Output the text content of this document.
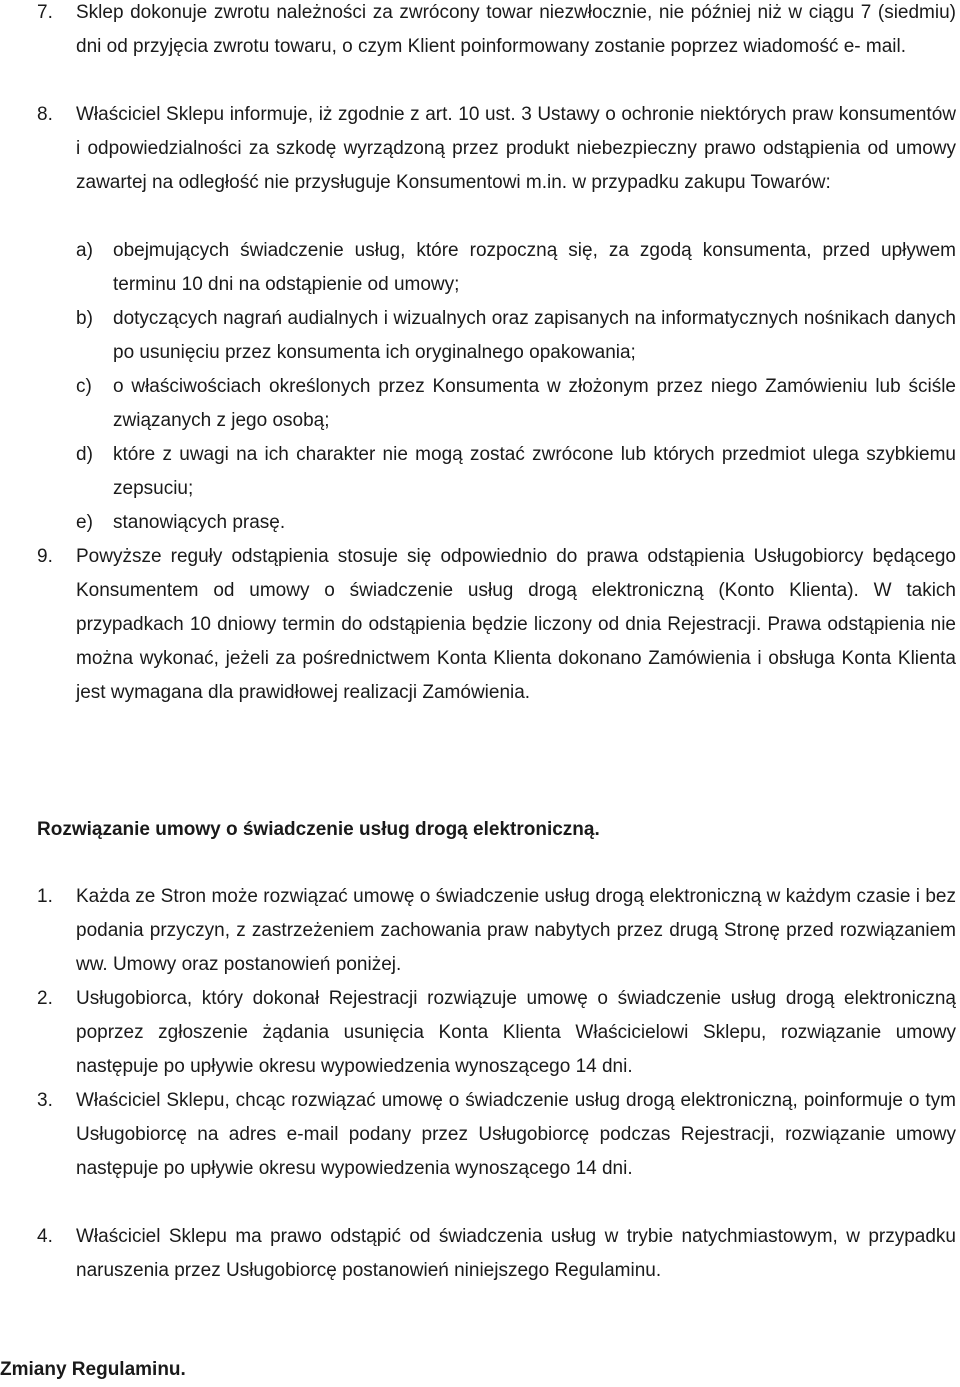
7. Sklep dokonuje zwrotu należności za zwrócony towar niezwłocznie, nie później niż w ciągu 7 (siedmiu) dni od przyjęcia zwrotu towaru, o czym Klient poinformowany zostanie poprzez wiadomość e- mail.
8. Właściciel Sklepu informuje, iż zgodnie z art. 10 ust. 3 Ustawy o ochronie niektórych praw konsumentów i odpowiedzialności za szkodę wyrządzoną przez produkt niebezpieczny prawo odstąpienia od umowy zawartej na odległość nie przysługuje Konsumentowi m.in. w przypadku zakupu Towarów:
a) obejmujących świadczenie usług, które rozpoczną się, za zgodą konsumenta, przed upływem terminu 10 dni na odstąpienie od umowy;
b) dotyczących nagrań audialnych i wizualnych oraz zapisanych na informatycznych nośnikach danych po usunięciu przez konsumenta ich oryginalnego opakowania;
c) o właściwościach określonych przez Konsumenta w złożonym przez niego Zamówieniu lub ściśle związanych z jego osobą;
d) które z uwagi na ich charakter nie mogą zostać zwrócone lub których przedmiot ulega szybkiemu zepsuciu;
e) stanowiących prasę.
9. Powyższe reguły odstąpienia stosuje się odpowiednio do prawa odstąpienia Usługobiorcy będącego Konsumentem od umowy o świadczenie usług drogą elektroniczną (Konto Klienta). W takich przypadkach 10 dniowy termin do odstąpienia będzie liczony od dnia Rejestracji. Prawa odstąpienia nie można wykonać, jeżeli za pośrednictwem Konta Klienta dokonano Zamówienia i obsługa Konta Klienta jest wymagana dla prawidłowej realizacji Zamówienia.
Rozwiązanie umowy o świadczenie usług drogą elektroniczną.
1. Każda ze Stron może rozwiązać umowę o świadczenie usług drogą elektroniczną w każdym czasie i bez podania przyczyn, z zastrzeżeniem zachowania praw nabytych przez drugą Stronę przed rozwiązaniem ww. Umowy oraz postanowień poniżej.
2. Usługobiorca, który dokonał Rejestracji rozwiązuje umowę o świadczenie usług drogą elektroniczną poprzez zgłoszenie żądania usunięcia Konta Klienta Właścicielowi Sklepu, rozwiązanie umowy następuje po upływie okresu wypowiedzenia wynoszącego 14 dni.
3. Właściciel Sklepu, chcąc rozwiązać umowę o świadczenie usług drogą elektroniczną, poinformuje o tym Usługobiorcę na adres e-mail podany przez Usługobiorcę podczas Rejestracji, rozwiązanie umowy następuje po upływie okresu wypowiedzenia wynoszącego 14 dni.
4. Właściciel Sklepu ma prawo odstąpić od świadczenia usług w trybie natychmiastowym, w przypadku naruszenia przez Usługobiorcę postanowień niniejszego Regulaminu.
Zmiany Regulaminu.
